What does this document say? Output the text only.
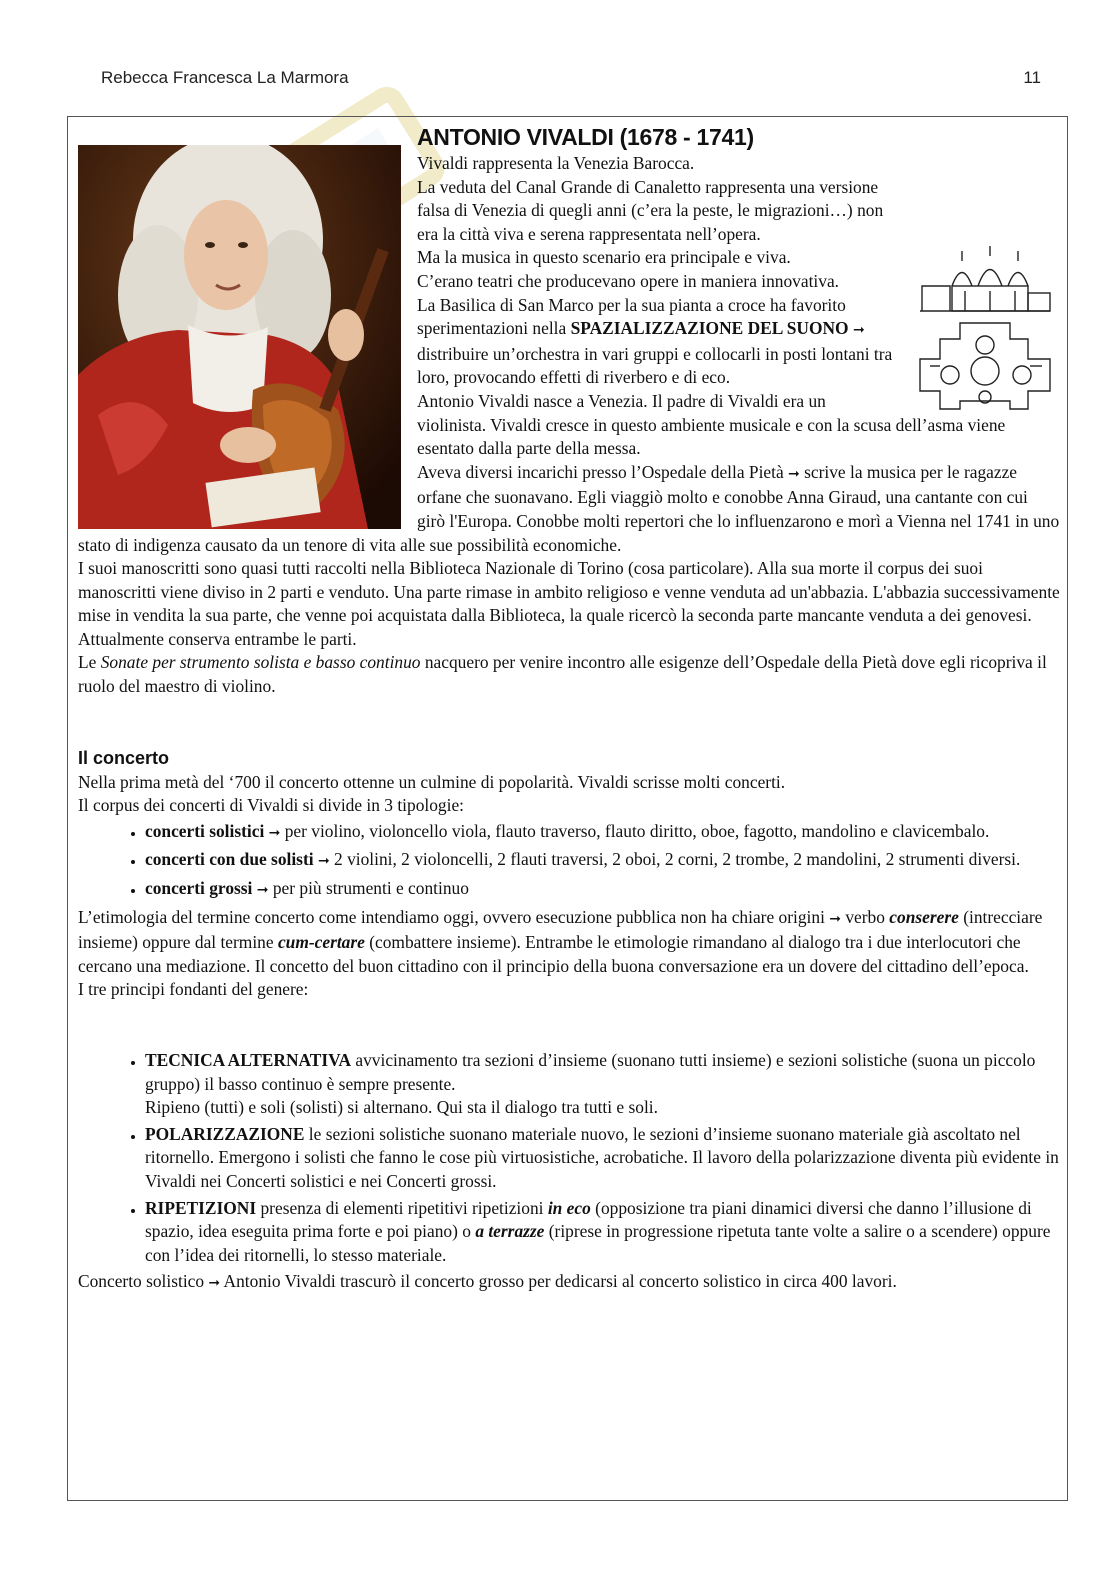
Rebecca Francesca La Marmora	11
ANTONIO VIVALDI (1678 - 1741)

Vivaldi rappresenta la Venezia Barocca.

La veduta del Canal Grande di Canaletto rappresenta una versione falsa di Venezia di quegli anni (c’era la peste, le migrazioni…) non era la città viva e serena rappresentata nell’opera.

Ma la musica in questo scenario era principale e viva.

C’erano teatri che producevano opere in maniera innovativa.

La Basilica di San Marco per la sua pianta a croce ha favorito sperimentazioni nella SPAZIALIZZAZIONE DEL SUONO ➞ distribuire un’orchestra in vari gruppi e collocarli in posti lontani tra loro, provocando effetti di riverbero e di eco.

Antonio Vivaldi nasce a Venezia. Il padre di Vivaldi era un violinista. Vivaldi cresce in questo ambiente musicale e con la scusa dell’asma viene esentato dalla parte della messa.

Aveva diversi incarichi presso l’Ospedale della Pietà ➞ scrive la musica per le ragazze orfane che suonavano. Egli viaggiò molto e conobbe Anna Giraud, una cantante con cui girò l'Europa. Conobbe molti repertori che lo influenzarono e morì a Vienna nel 1741 in uno stato di indigenza causato da un tenore di vita alle sue possibilità economiche.

I suoi manoscritti sono quasi tutti raccolti nella Biblioteca Nazionale di Torino (cosa particolare). Alla sua morte il corpus dei suoi manoscritti viene diviso in 2 parti e venduto. Una parte rimase in ambito religioso e venne venduta ad un'abbazia. L'abbazia successivamente mise in vendita la sua parte, che venne poi acquistata dalla Biblioteca, la quale ricercò la seconda parte mancante venduta a dei genovesi.

Attualmente conserva entrambe le parti.

Le Sonate per strumento solista e basso continuo nacquero per venire incontro alle esigenze dell’Ospedale della Pietà dove egli ricopriva il ruolo del maestro di violino.

Il concerto

Nella prima metà del ‘700 il concerto ottenne un culmine di popolarità. Vivaldi scrisse molti concerti.

Il corpus dei concerti di Vivaldi si divide in 3 tipologie:

• concerti solistici ➞ per violino, violoncello viola, flauto traverso, flauto diritto, oboe, fagotto, mandolino e clavicembalo.
• concerti con due solisti ➞ 2 violini, 2 violoncelli, 2 flauti traversi, 2 oboi, 2 corni, 2 trombe, 2 mandolini, 2 strumenti diversi.
• concerti grossi ➞ per più strumenti e continuo

L’etimologia del termine concerto come intendiamo oggi, ovvero esecuzione pubblica non ha chiare origini ➞ verbo conserere (intrecciare insieme) oppure dal termine cum-certare (combattere insieme). Entrambe le etimologie rimandano al dialogo tra i due interlocutori che cercano una mediazione. Il concetto del buon cittadino con il principio della buona conversazione era un dovere del cittadino dell’epoca.

I tre principi fondanti del genere:

• TECNICA ALTERNATIVA avvicinamento tra sezioni d’insieme (suonano tutti insieme) e sezioni solistiche (suona un piccolo gruppo) il basso continuo è sempre presente.
Ripieno (tutti) e soli (solisti) si alternano. Qui sta il dialogo tra tutti e soli.
• POLARIZZAZIONE le sezioni solistiche suonano materiale nuovo, le sezioni d’insieme suonano materiale già ascoltato nel ritornello. Emergono i solisti che fanno le cose più virtuosistiche, acrobatiche. Il lavoro della polarizzazione diventa più evidente in Vivaldi nei Concerti solistici e nei Concerti grossi.
• RIPETIZIONI presenza di elementi ripetitivi ripetizioni in eco (opposizione tra piani dinamici diversi che danno l’illusione di spazio, idea eseguita prima forte e poi piano) o a terrazze (riprese in progressione ripetuta tante volte a salire o a scendere) oppure con l’idea dei ritornelli, lo stesso materiale.

Concerto solistico ➞ Antonio Vivaldi trascurò il concerto grosso per dedicarsi al concerto solistico in circa 400 lavori.
